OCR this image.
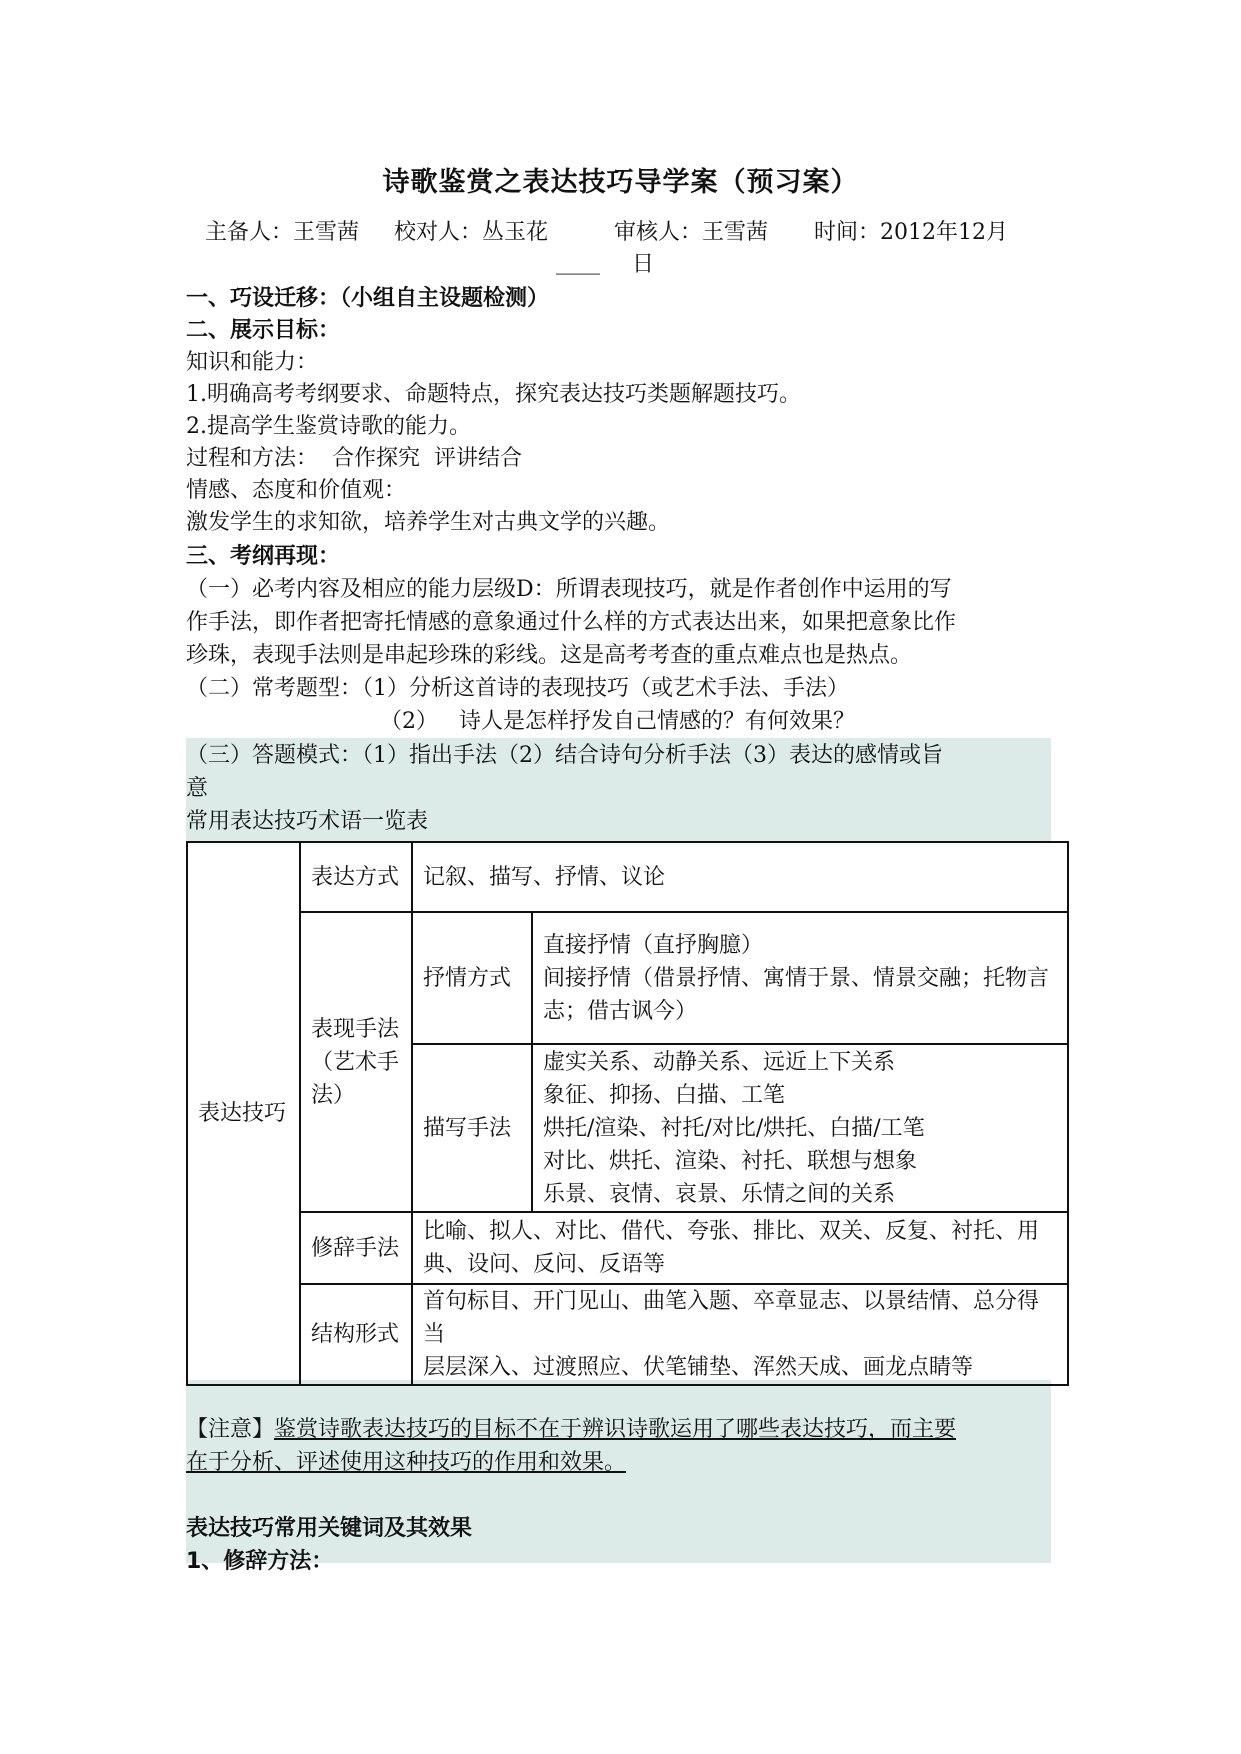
诗歌鉴赏之表达技巧导学案（预习案）
主备人：王雪茜 校对人：丛玉花	审核人：王雪茜 时间：2012年12月
____ 日
一、巧设迁移：（小组自主设题检测）
二、展示目标：
知识和能力：
1.明确高考考纲要求、命题特点，探究表达技巧类题解题技巧。
2.提高学生鉴赏诗歌的能力。
过程和方法：  合作探究  评讲结合
情感、态度和价值观：
激发学生的求知欲，培养学生对古典文学的兴趣。
三、考纲再现：
（一）必考内容及相应的能力层级D：所谓表现技巧，就是作者创作中运用的写
作手法，即作者把寄托情感的意象通过什么样的方式表达出来，如果把意象比作
珍珠，表现手法则是串起珍珠的彩线。这是高考考查的重点难点也是热点。
（二）常考题型：（1）分析这首诗的表现技巧（或艺术手法、手法）
（2）   诗人是怎样抒发自己情感的？有何效果？
（三）答题模式：（1）指出手法（2）结合诗句分析手法（3）表达的感情或旨
意
常用表达技巧术语一览表
表达技巧	表达方式	记叙、描写、抒情、议论	
	表现手法（艺术手法）	抒情方式	直接抒情（直抒胸臆）
间接抒情（借景抒情、寓情于景、情景交融；托物言志；借古讽今）

		描写手法	虚实关系、动静关系、远近上下关系
象征、抑扬、白描、工笔
烘托/渲染、衬托/对比/烘托、白描/工笔
对比、烘托、渲染、衬托、联想与想象
乐景、哀情、哀景、乐情之间的关系

	修辞手法	比喻、拟人、对比、借代、夸张、排比、双关、反复、衬托、用典、设问、反问、反语等	
	结构形式	首句标目、开门见山、曲笔入题、卒章显志、以景结情、总分得当
层层深入、过渡照应、伏笔铺垫、浑然天成、画龙点睛等	
【注意】鉴赏诗歌表达技巧的目标不在于辨识诗歌运用了哪些表达技巧，而主要
在于分析、评述使用这种技巧的作用和效果。
表达技巧常用关键词及其效果
1、修辞方法：
